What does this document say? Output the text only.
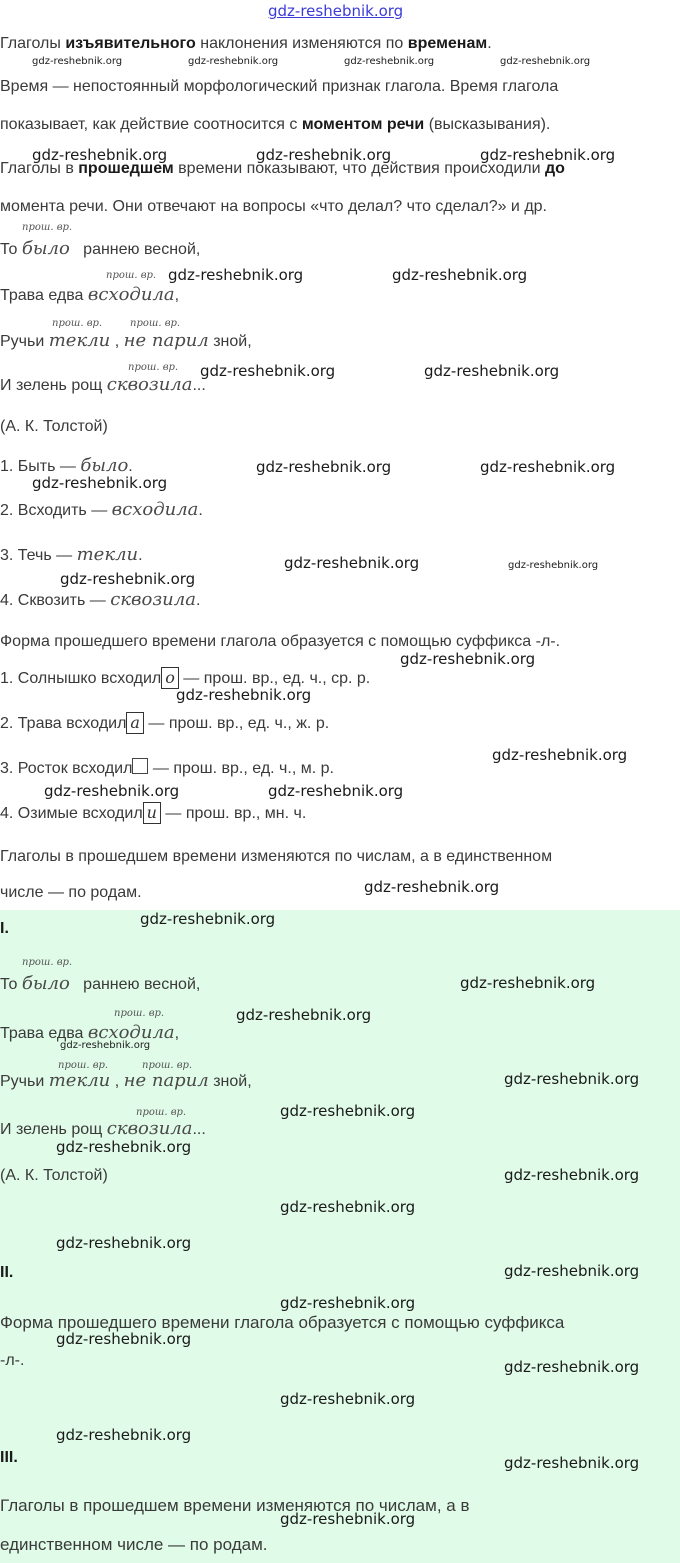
gdz-reshebnik.org
Глаголы изъявительного наклонения изменяются по временам.
Время — непостоянный морфологический признак глагола. Время глагола
показывает, как действие соотносится с моментом речи (высказывания).
Глаголы в прошедшем времени показывают, что действия происходили до
момента речи. Они отвечают на вопросы «что делал? что сделал?» и др.
прош. вр.
То было раннею весной,
прош. вр.
Трава едва всходила,
прош. вр.	прош. вр.
Ручьи текли , не парил зной,
прош. вр.
И зелень рощ сквозила...
(А. К. Толстой)
1. Быть — было.
2. Всходить — всходила.
3. Течь — текли.
4. Сквозить — сквозила.
Форма прошедшего времени глагола образуется с помощью суффикса -л-.
1. Солнышко всходил о — прош. вр., ед. ч., ср. р.
2. Трава всходил а — прош. вр., ед. ч., ж. р.
3. Росток всходил — прош. вр., ед. ч., м. р.
4. Озимые всходил и — прош. вр., мн. ч.
Глаголы в прошедшем времени изменяются по числам, а в единственном
числе — по родам.
I.
прош. вр.
То было раннею весной,
прош. вр.
Трава едва всходила,
прош. вр.	прош. вр.
Ручьи текли , не парил зной,
прош. вр.
И зелень рощ сквозила...
(А. К. Толстой)
II.
Форма прошедшего времени глагола образуется с помощью суффикса
-л-.
III.
Глаголы в прошедшем времени изменяются по числам, а в
единственном числе — по родам.
gdz-reshebnik.org	gdz-reshebnik.org	gdz-reshebnik.org	gdz-reshebnik.org
gdz-reshebnik.org	gdz-reshebnik.org	gdz-reshebnik.org
gdz-reshebnik.org	gdz-reshebnik.org
gdz-reshebnik.org	gdz-reshebnik.org
gdz-reshebnik.org	gdz-reshebnik.org
gdz-reshebnik.org
gdz-reshebnik.org	gdz-reshebnik.org
gdz-reshebnik.org
gdz-reshebnik.org
gdz-reshebnik.org
gdz-reshebnik.org
gdz-reshebnik.org	gdz-reshebnik.org
gdz-reshebnik.org
gdz-reshebnik.org
gdz-reshebnik.org
gdz-reshebnik.org
gdz-reshebnik.org
gdz-reshebnik.org
gdz-reshebnik.org
gdz-reshebnik.org
gdz-reshebnik.org
gdz-reshebnik.org
gdz-reshebnik.org
gdz-reshebnik.org
gdz-reshebnik.org
gdz-reshebnik.org
gdz-reshebnik.org
gdz-reshebnik.org
gdz-reshebnik.org
gdz-reshebnik.org
gdz-reshebnik.org
